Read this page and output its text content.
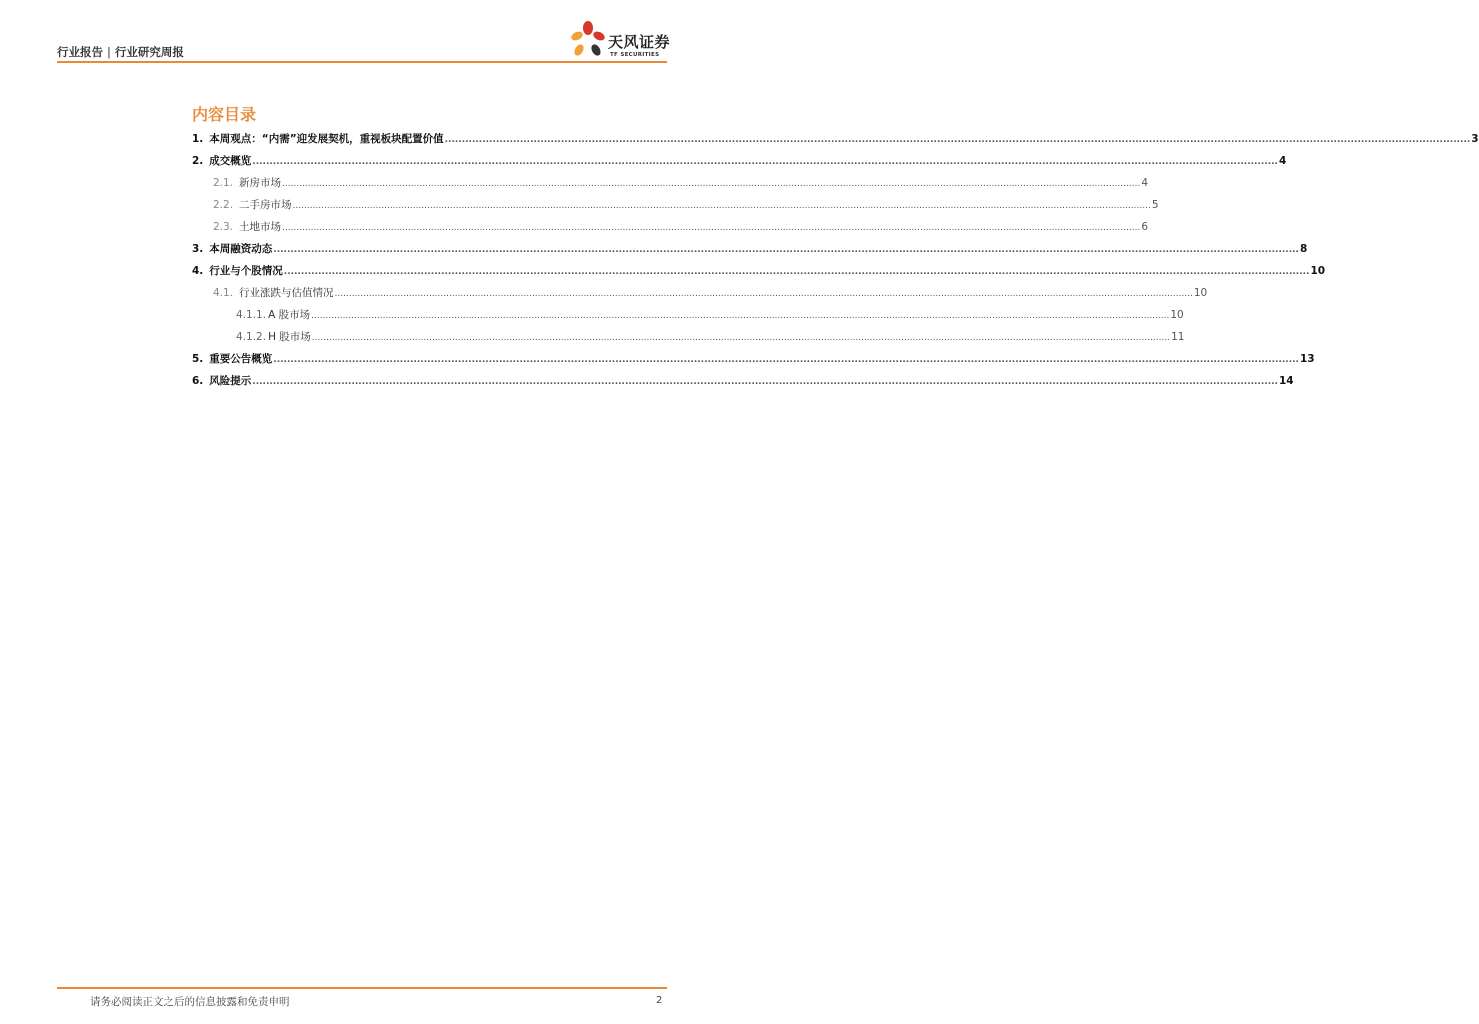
行业报告 | 行业研究周报
天风证券
TF SECURITIES
内容目录
1. 本周观点：“内需”迎发展契机，重视板块配置价值 ............................................................................................................................................................................................................................................................................................................ 3
2. 成交概览 ............................................................................................................................................................................................................................................................................................................ 4
2.1. 新房市场 ............................................................................................................................................................................................................................................................................................................ 4
2.2. 二手房市场 ............................................................................................................................................................................................................................................................................................................ 5
2.3. 土地市场 ............................................................................................................................................................................................................................................................................................................ 6
3. 本周融资动态 ............................................................................................................................................................................................................................................................................................................ 8
4. 行业与个股情况 ............................................................................................................................................................................................................................................................................................................ 10
4.1. 行业涨跌与估值情况 ............................................................................................................................................................................................................................................................................................................ 10
4.1.1. A 股市场 ............................................................................................................................................................................................................................................................................................................ 10
4.1.2. H 股市场 ............................................................................................................................................................................................................................................................................................................ 11
5. 重要公告概览 ............................................................................................................................................................................................................................................................................................................ 13
6. 风险提示 ............................................................................................................................................................................................................................................................................................................ 14
请务必阅读正文之后的信息披露和免责申明	2
